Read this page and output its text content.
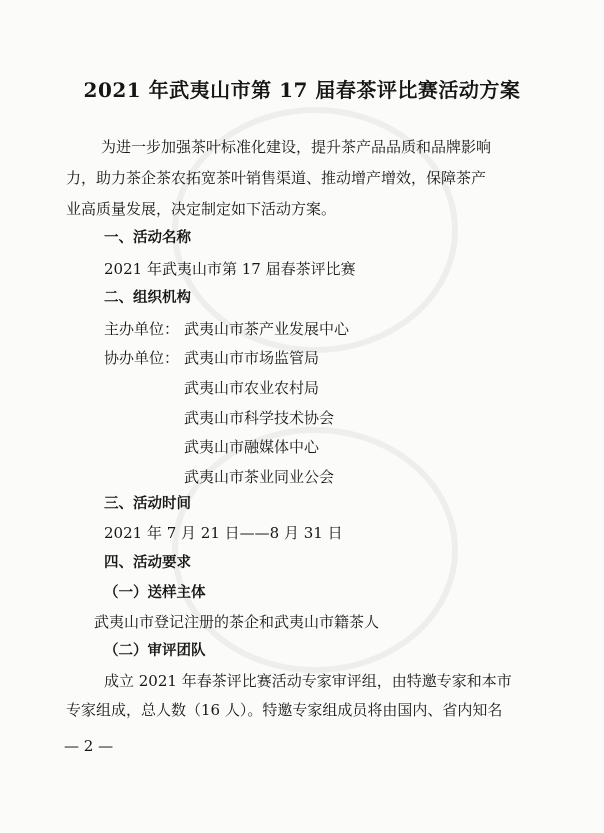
2021 年武夷山市第 17 届春茶评比赛活动方案
为进一步加强茶叶标准化建设，提升茶产品品质和品牌影响
力，助力茶企茶农拓宽茶叶销售渠道、推动增产增效，保障茶产
业高质量发展，决定制定如下活动方案。
一、活动名称
2021 年武夷山市第 17 届春茶评比赛
二、组织机构
主办单位： 武夷山市茶产业发展中心
协办单位： 武夷山市市场监管局
武夷山市农业农村局
武夷山市科学技术协会
武夷山市融媒体中心
武夷山市茶业同业公会
三、活动时间
2021 年 7 月 21 日——8 月 31 日
四、活动要求
（一）送样主体
武夷山市登记注册的茶企和武夷山市籍茶人
（二）审评团队
成立 2021 年春茶评比赛活动专家审评组，由特邀专家和本市
专家组成，总人数（16 人）。特邀专家组成员将由国内、省内知名
— 2 —
